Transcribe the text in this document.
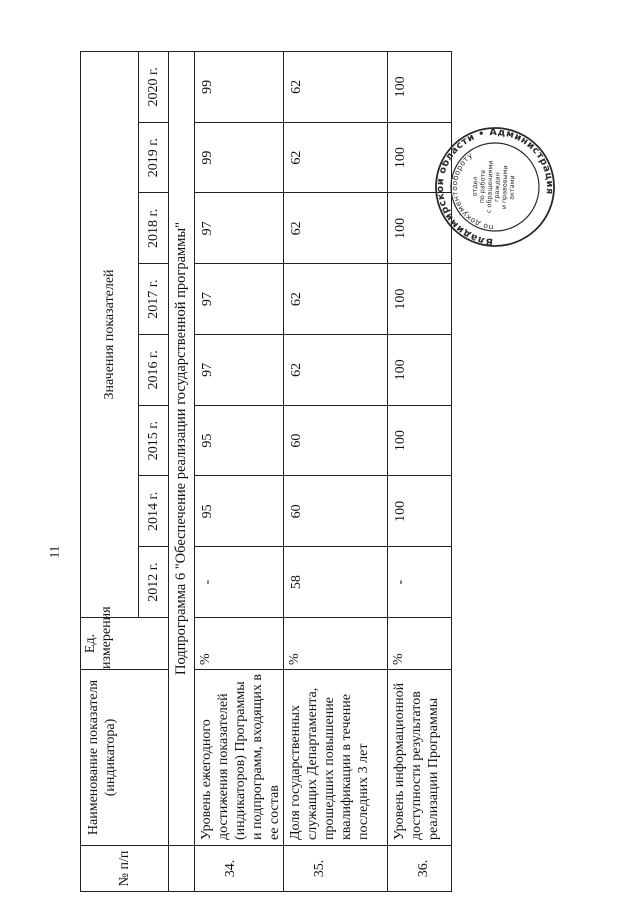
11
№ п/п	Наименование показателя (индикатора)	Ед. измерения	Значения показателей							
			2012 г.	2014 г.	2015 г.	2016 г.	2017 г.	2018 г.	2019 г.	2020 г.
	Подпрограмма 6 "Обеспечение реализации государственной программы"									
34.	Уровень ежегодного достижения показателей (индикаторов) Программы и подпрограмм, входящих в ее состав	%	-	95	95	97	97	97	99	99
35.	Доля государственных служащих Департамента, прошедших повышение квалификации в течение последних 3 лет	%	58	60	60	62	62	62	62	62
36.	Уровень информационной доступности результатов реализации Программы	%	-	100	100	100	100	100	100	100
Владимирской области • Администрация
по документообороту
отдел
по работе
с обращениями
граждан
и правовыми
актами
